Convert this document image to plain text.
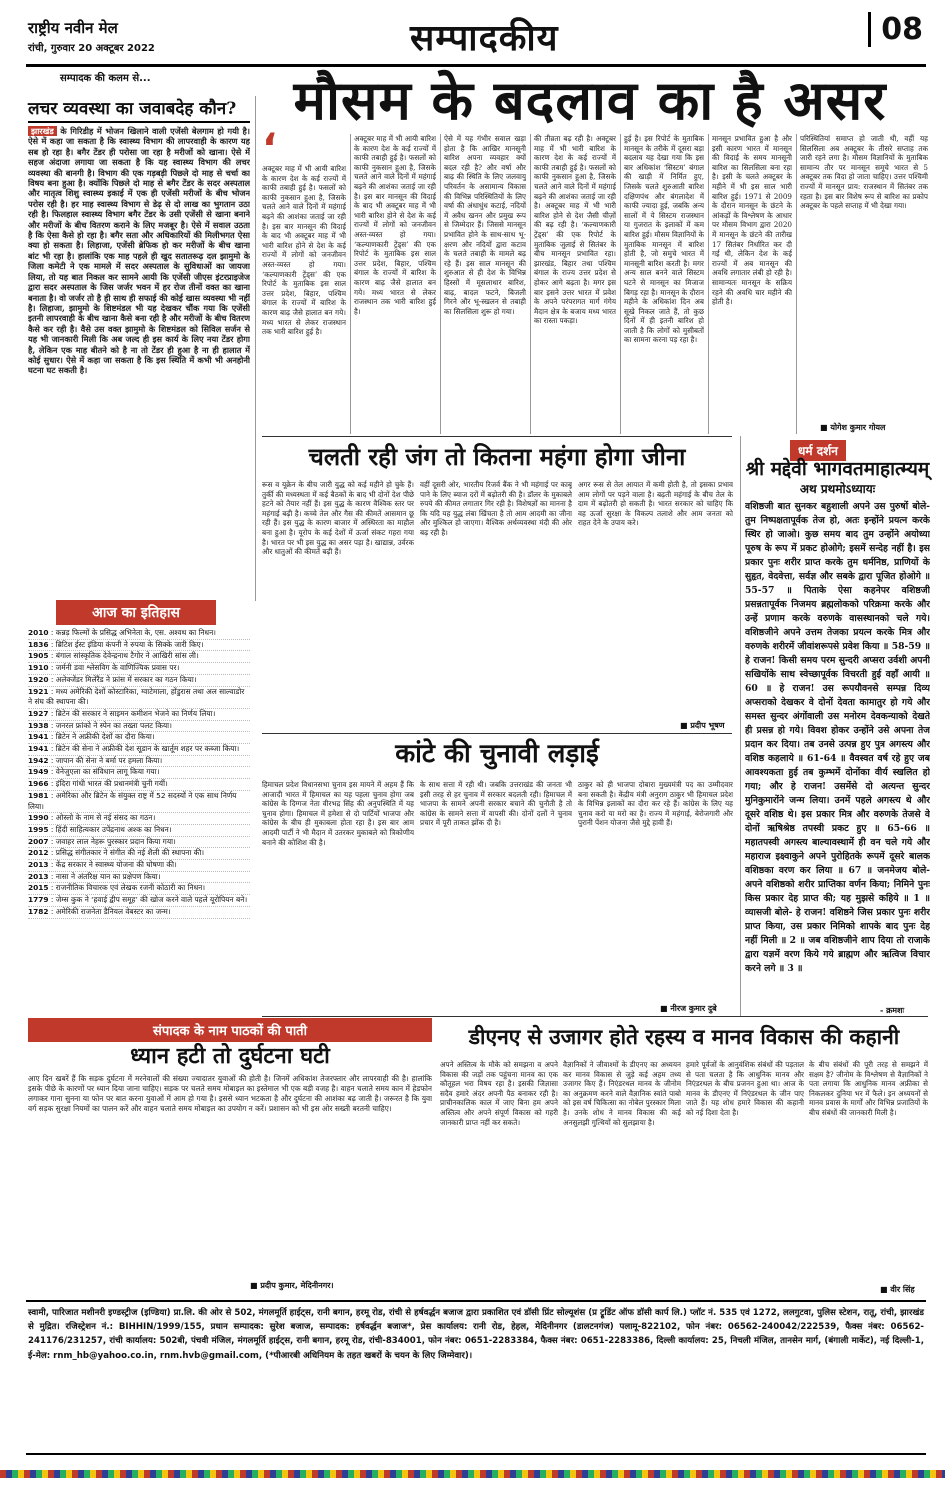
राष्ट्रीय नवीन मेल
रांची, गुरुवार 20 अक्टूबर 2022	सम्पादकीय	08
सम्पादक की कलम से...	मौसम के बदलाव का है असर
लचर व्यवस्था का जवाबदेह कौन?
झारखंड के गिरिडीह में भोजन खिलाने वाली एजेंसी बेलगाम हो गयी है। ऐसे में कहा जा सकता है कि स्वास्थ्य विभाग की लापरवाही के कारण यह सब हो रहा है। बगैर टेंडर ही परोसा जा रहा है मरीजों को खाना। ऐसे में सहज अंदाजा लगाया जा सकता है कि यह स्वास्थ्य विभाग की लचर व्यवस्था की बानगी है। विभाग की एक गड़बड़ी पिछले दो माह से चर्चा का विषय बना हुआ है। क्योंकि पिछले दो माह से बगैर टेंडर के सदर अस्पताल और मातृत्व शिशु स्वास्थ्य इकाई में एक ही एजेंसी मरीजों के बीच भोजन परोस रही है। हर माह स्वास्थ्य विभाग से डेढ़ से दो लाख का भुगतान उठा रही है। फिलहाल स्वास्थ्य विभाग बगैर टेंडर के उसी एजेंसी से खाना बनाने और मरीजों के बीच वितरण कराने के लिए मजबूर है। ऐसे में सवाल उठता है कि ऐसा कैसे हो रहा है। बगैर सता और अधिकारियों की मिलीभगत ऐसा क्या हो सकता है। लिहाजा, एजेंसी ब्रेफिक हो कर मरीजों के बीच खाना बांट भी रहा है। हालांकि एक माह पहले ही खुद सतातरूढ़ दल झामुमो के जिला कमेटी ने एक मामले में सदर अस्पताल के सुविधाओं का जायजा लिया, तो यह बात निकल कर सामने आयी कि एजेंसी जीएस इंटरप्राइजेज द्वारा सदर अस्पताल के जिस जर्जर भवन में हर रोज तीनों वक्त का खाना बनाता है। वो जर्जर तो है ही साथ ही सफाई की कोई खास व्यवस्था भी नहीं है। लिहाजा, झामुमो के शिष्टमंडल भी यह देखकर चौंक गया कि एजेंसी इतनी लापरवाही के बीच खाना कैसे बना रही है और मरीजों के बीच वितरण कैसे कर रही है। वैसे उस वक्त झामुमो के शिष्टमंडल को सिविल सर्जन से यह भी जानकारी मिली कि अब जल्द ही इस कार्य के लिए नया टेंडर होगा है, लेकिन एक माह बीतने को है ना तो टेंडर ही हुआ है ना ही हालात में कोई सुधार। ऐसे में कहा जा सकता है कि इस स्थिति में कभी भी अनहोनी घटना घट सकती है।
‘
अक्टूबर माह में भी आयी बारिश के कारण देश के कई राज्यों में काफी तबाही हुई है। फसलों को काफी नुकसान हुआ है, जिसके चलते आने वाले दिनों में महंगाई बढ़ने की आशंका जताई जा रही है। इस बार मानसून की विदाई के बाद भी अक्टूबर माह में भी भारी बारिश होने से देश के कई राज्यों में लोगों को जनजीवन अस्त-व्यस्त हो गया। ‘कल्याणकारी ट्रेंड्स’ की एक रिपोर्ट के मुताबिक इस साल उत्तर प्रदेश, बिहार, पश्चिम बंगाल के राज्यों में बारिश के कारण बाढ़ जैसे हालात बन गये। मध्य भारत से लेकर राजस्थान तक भारी बारिश हुई है।
अक्टूबर माह में भी आयी बारिश के कारण देश के कई राज्यों में काफी तबाही हुई है। फसलों को काफी नुकसान हुआ है, जिसके चलते आने वाले दिनों में महंगाई बढ़ने की आशंका जताई जा रही है। इस बार मानसून की विदाई के बाद भी अक्टूबर माह में भी भारी बारिश होने से देश के कई राज्यों में लोगों को जनजीवन अस्त-व्यस्त हो गया। ‘कल्याणकारी ट्रेंड्स’ की एक रिपोर्ट के मुताबिक इस साल उत्तर प्रदेश, बिहार, पश्चिम बंगाल के राज्यों में बारिश के कारण बाढ़ जैसे हालात बन गये। मध्य भारत से लेकर राजस्थान तक भारी बारिश हुई है।
ऐसे में यह गंभीर सवाल खड़ा होता है कि आखिर मानसूनी बारिश अपना व्यवहार क्यों बदल रही है? और वर्षा और बाढ़ की स्थिति के लिए जलवायु परिवर्तन के असामान्य विकास की विभिन्न परिस्थितियों के लिए वर्षा की अंधाधुंध कटाई, नदियों में अवैध खनन और प्रमुख रूप से जिम्मेदार हैं। जिससे मानसून प्रभावित होने के साथ-साथ भू-क्षरण और नदियों द्वारा कटाव के चलते तबाही के मामले बढ़ रहे हैं। इस साल मानसून की शुरुआत से ही देश के विभिन्न हिस्सों में मूसलाधार बारिश, बाढ़, बादल फटने, बिजली गिरने और भू-स्खलन से तबाही का सिलसिला शुरू हो गया।
की तीव्रता बढ़ रही है। अक्टूबर माह में भी भारी बारिश के कारण देश के कई राज्यों में काफी तबाही हुई है। फसलों को काफी नुकसान हुआ है, जिसके चलते आने वाले दिनों में महंगाई बढ़ने की आशंका जताई जा रही है। अक्टूबर माह में भी भारी बारिश होने से देश जैसी चीज़ों की बढ़ रही है। ‘कल्याणकारी ट्रेंड्स’ की एक रिपोर्ट के मुताबिक जुलाई से सितंबर के बीच मानसून प्रभावित रहा। झारखंड, बिहार तथा पश्चिम बंगाल के राज्य उत्तर प्रदेश से होकर आगे बढ़ता है। मगर इस बार इसने उत्तर भारत में प्रवेश के अपने परंपरागत मार्ग गंगेय मैदान क्षेत्र के बजाय मध्य भारत का रास्ता पकड़ा।
हुई है। इस रिपोर्ट के मुताबिक मानसून के तरीके में दूसरा बड़ा बदलाव यह देखा गया कि इस बार अधिकांश ‘सिस्टम’ बंगाल की खाड़ी में निर्मित हुए, जिसके चलते शुरुआती बारिश दक्षिणपंथ और बंगलादेश में काफी ज्यादा हुई, जबकि अन्य सालों में ये सिस्टम राजस्थान या गुजरात के इलाकों में कम बारिश हुई। मौसम विज्ञानियों के मुताबिक मानसून में बारिश होती है, जो समुचे भारत में मानसूनी बारिश करती है। मगर अन्य साल बनने वाले सिस्टम घटने से मानसून का मिजाज बिगड़ रहा है। मानसून के दौरान महीने के अधिकांश दिन अब सूखे निकल जाते हैं, तो कुछ दिनों में ही इतनी बारिश हो जाती है कि लोगों को मुसीबतों का सामना करना पड़ रहा है।
मानसून प्रभावित हुआ है और इसी कारण भारत में मानसून की विदाई के समय मानसूनी बारिश का सिलसिला बना रहा है। इसी के चलते अक्टूबर के महीने में भी इस साल भारी बारिश हुई। 1971 से 2009 के दौरान मानसून के छंटने के आंकड़ों के विश्लेषण के आधार पर मौसम विभाग द्वारा 2020 में मानसून के छंटने की तारीख 17 सितंबर निर्धारित कर दी गई थी, लेकिन देश के कई राज्यों में अब मानसून की अवधि लगातार लंबी हो रही है। सामान्यतः मानसून के सक्रिय रहने की अवधि चार महीने की होती है।
परिस्थितियां समाप्त हो जाती थी, वहीं यह सिलसिला अब अक्टूबर के तीसरे सप्ताह तक जारी रहने लगा है। मौसम विज्ञानियों के मुताबिक सामान्य तौर पर मानसून समूचे भारत से 5 अक्टूबर तक विदा हो जाता चाहिए। उत्तर पश्चिमी राज्यों में मानसून प्राय: राजस्थान में सितंबर तक रहता है। इस बार विशेष रूप से बारिश का प्रकोप अक्टूबर के पहले सप्ताह में भी देखा गया।
■ योगेश कुमार गोयल
चलती रही जंग तो कितना महंगा होगा जीना
रूस व यूक्रेन के बीच जारी युद्ध को कई महीने हो चुके हैं। तुर्की की मध्यस्थता में कई बैठकों के बाद भी दोनों देश पीछे हटने को तैयार नहीं हैं। इस युद्ध के कारण वैश्विक स्तर पर महंगाई बढ़ी है। कच्चे तेल और गैस की कीमतें आसमान छू रही हैं। इस युद्ध के कारण बाजार में अस्थिरता का माहौल बना हुआ है। यूरोप के कई देशों में ऊर्जा संकट गहरा गया है। भारत पर भी इस युद्ध का असर पड़ा है। खाद्यान्न, उर्वरक और धातुओं की कीमतें बढ़ी हैं।
वहीं दूसरी ओर, भारतीय रिजर्व बैंक ने भी महंगाई पर काबू पाने के लिए ब्याज दरों में बढ़ोतरी की है। डॉलर के मुकाबले रुपये की कीमत लगातार गिर रही है। विशेषज्ञों का मानना है कि यदि यह युद्ध लंबा खिंचता है तो आम आदमी का जीना और मुश्किल हो जाएगा। वैश्विक अर्थव्यवस्था मंदी की ओर बढ़ रही है।
अगर रूस से तेल आयात में कमी होती है, तो इसका प्रभाव आम लोगों पर पड़ने वाला है। बढ़ती महंगाई के बीच तेल के दाम में बढ़ोतरी हो सकती है। भारत सरकार को चाहिए कि वह ऊर्जा सुरक्षा के विकल्प तलाशे और आम जनता को राहत देने के उपाय करे।
■ प्रदीप भूषण
कांटे की चुनावी लड़ाई
हिमाचल प्रदेश विधानसभा चुनाव इस मायने में अहम हैं कि आजादी भारत में हिमाचल का यह पहला चुनाव होगा जब कांग्रेस के दिग्गज नेता वीरभद्र सिंह की अनुपस्थिति में यह चुनाव होगा। हिमाचल में हमेशा से दो पार्टियों भाजपा और कांग्रेस के बीच ही मुकाबला होता रहा है। इस बार आम आदमी पार्टी ने भी मैदान में उतरकर मुकाबले को त्रिकोणीय बनाने की कोशिश की है।
के साथ सत्ता में रही थी। जबकि उत्तराखंड की जनता भी इसी तरह से हर चुनाव में सरकार बदलती रही। हिमाचल में भाजपा के सामने अपनी सरकार बचाने की चुनौती है तो कांग्रेस के सामने सत्ता में वापसी की। दोनों दलों ने चुनाव प्रचार में पूरी ताकत झोंक दी है।
ठाकुर को ही भाजपा दोबारा मुख्यमंत्री पद का उम्मीदवार बना सकती है। केंद्रीय मंत्री अनुराग ठाकुर भी हिमाचल प्रदेश के विभिन्न इलाकों का दौरा कर रहे हैं। कांग्रेस के लिए यह चुनाव करो या मरो का है। राज्य में महंगाई, बेरोजगारी और पुरानी पेंशन योजना जैसे मुद्दे हावी हैं।
■ नीरज कुमार दुबे
धर्म दर्शन
श्री मद्देवी भागवतमाहात्म्यम्
अथ प्रथमोऽध्यायः
वशिष्ठजी बात सुनकर बहुशाली अपने उस पुरुषों बोले- तुम निष्पक्षतापूर्वक तेज हो, अतः इन्होंने प्रयत्न करके स्थिर हो जाओ। कुछ समय बाद तुम उन्होंने अयोध्या पूरुष के रूप में प्रकट होओगे; इसमें सन्देह नहीं है। इस प्रकार पुनः शरीर प्राप्त करके तुम धर्मनिष्ठ, प्राणियों के सुहृत, वेदवेत्ता, सर्वज्ञ और सबके द्वारा पूजित होओगे ॥ 55-57 ॥ पिताके ऐसा कहनेपर वशिष्ठजी प्रसन्नतापूर्वक निजमय ब्रह्मलोकको परिक्रमा करके और उन्हें प्रणाम करके वरुणके वासस्थानको चले गये। वशिष्ठजीने अपने उत्तम तेजका प्रयत्न करके मित्र और वरुणके शरीरमें जीवांशरूपसे प्रवेश किया ॥ 58-59 ॥ हे राजन! किसी समय परम सुन्दरी अप्सरा उर्वशी अपनी सखियोंके साथ स्वेच्छापूर्वक विचरती हुई वहाँ आयी ॥ 60 ॥ हे राजन! उस रूपयौवनसे सम्पन्न दिव्य अप्सराको देखकर वे दोनों देवता कामातुर हो गये और समस्त सुन्दर अंगोंवाली उस मनोरम देवकन्याको देखते ही प्रसन्न हो गये। विवश होकर उन्होंने उसे अपना तेज प्रदान कर दिया। तब उनसे उत्पन्न हुए पुत्र अगस्त्य और वशिष्ठ कहलाये ॥ 61-64 ॥ वैवस्वत वर्ष रहे हुए जब आवश्यकता हुई तब कुम्भमें दोनोंका वीर्य स्खलित हो गया; और हे राजन! उसमेंसे दो अत्यन्त सुन्दर मुनिकुमारोंने जन्म लिया। उनमें पहले अगस्त्य थे और दूसरे वशिष्ठ थे। इस प्रकार मित्र और वरुणके तेजसे वे दोनों ऋषिश्रेष्ठ तपस्वी प्रकट हुए ॥ 65-66 ॥ महातपस्वी अगस्त्य बाल्यावस्थामें ही वन चले गये और महाराज इक्ष्वाकुने अपने पुरोहितके रूपमें दूसरे बालक वशिष्ठका वरण कर लिया ॥ 67 ॥ जनमेजय बोले- अपने वशिष्ठको शरीर प्राप्तिका वर्णन किया; निमिने पुनः किस प्रकार देह प्राप्त की; यह मुझसे कहिये ॥ 1 ॥ व्यासजी बोले- हे राजन! वशिष्ठने जिस प्रकार पुनः शरीर प्राप्त किया, उस प्रकार निमिको शापके बाद पुनः देह नहीं मिली ॥ 2 ॥ जब वशिष्ठजीने शाप दिया तो राजाके द्वारा यज्ञमें वरण किये गये ब्राह्मण और ऋत्विज विचार करने लगे ॥ 3 ॥
- क्रमशः
आज का इतिहास
2010 : कन्नड़ फिल्मों के प्रसिद्ध अभिनेता के, एस. अश्वथ का निधन।
1836 : ब्रिटिश ईस्ट इंडिया कंपनी ने रुपया के सिक्के जारी किए।
1905 : बंगाल सांस्कृतिक देवेन्द्रनाथ टैगोर ने आखिरी सांस ली।
1910 : जर्मनी डवा श्लेसविग के वाणिज्यिक प्रवास पर।
1920 : अलेक्जेंडर मिलेरैंड ने फ्रांस में सरकार का गठन किया।
1921 : मध्य अमेरिकी देशों कोस्टारिका, ग्वाटेमाला, होंडुरास तथा अल साल्वाडोर ने संघ की स्थापना की।
1927 : ब्रिटेन की सरकार ने साइमन कमीशन भेजने का निर्णय लिया।
1938 : जनरल फ्रांको ने स्पेन का तख्ता पलट किया।
1941 : ब्रिटेन ने अफ्रीकी देशों का दौरा किया।
1941 : ब्रिटेन की सेना ने अफ्रीकी देश सूडान के खार्तूम शहर पर कब्जा किया।
1942 : जापान की सेना ने बर्मा पर हमला किया।
1949 : वेनेजुएला का संविधान लागू किया गया।
1966 : इंदिरा गांधी भारत की प्रधानमंत्री चुनी गयीं।
1981 : अमेरिका और ब्रिटेन के संयुक्त राष्ट्र में 52 सदस्यों ने एक साथ निर्णय लिया।
1990 : ओस्लो के नाम से नई संसद का गठन।
1995 : हिंदी साहित्यकार उपेंद्रनाथ अश्क का निधन।
2007 : जवाहर लाल नेहरू पुरस्कार प्रदान किया गया।
2012 : प्रसिद्ध संगीतकार ने संगीत की नई शैली की स्थापना की।
2013 : केंद्र सरकार ने स्वास्थ्य योजना की घोषणा की।
2013 : नासा ने अंतरिक्ष यान का प्रक्षेपण किया।
2015 : राजनीतिक विचारक एवं लेखक रजनी कोठारी का निधन।
1779 : जेम्स कुक ने ‘हवाई द्वीप समूह’ की खोज करने वाले पहले यूरोपियन बने।
1782 : अमेरिकी राजनेता डैनियल वेबस्टर का जन्म।
डीएनए से उजागर होते रहस्य व मानव विकास की कहानी
अपने अस्तित्व के मौके को समझना व अपने विकास की जड़ों तक पहुंचना मानव का एक कौतूहल भरा विषय रहा है। इसकी जिज्ञासा सदैव हमारे अंदर अपनी पैठ बनाकर रही है। प्राचीनकालिक काल में जाए बिना हम अपने अस्तित्व और अपने संपूर्ण विकास को गहरी जानकारी प्राप्त नहीं कर सकते।
वैज्ञानिकों ने जीवाश्मों के डीएनए का अध्ययन कर मानव विकास से जुड़े कई अहम तथ्य उजागर किए हैं। निएंडरथल मानव के जीनोम का अनुक्रमण करने वाले वैज्ञानिक स्वांते पाबो को इस वर्ष चिकित्सा का नोबेल पुरस्कार मिला है। उनके शोध ने मानव विकास की कई अनसुलझी गुत्थियों को सुलझाया है।
हमारे पूर्वजों के आनुवंशिक संबंधों की पड़ताल से पता चलता है कि आधुनिक मानव और निएंडरथल के बीच प्रजनन हुआ था। आज के मानव के डीएनए में निएंडरथल के जीन पाए जाते हैं। यह शोध हमारे विकास की कहानी को नई दिशा देता है।
के बीच संबंधों की पूरी तरह से समझने में सक्षम है? जीनोम के विश्लेषण से वैज्ञानिकों ने पता लगाया कि आधुनिक मानव अफ्रीका से निकलकर दुनिया भर में फैले। इन अध्ययनों से मानव प्रवास के मार्गों और विभिन्न प्रजातियों के बीच संबंधों की जानकारी मिली है।
■ वीर सिंह
संपादक के नाम पाठकों की पाती
ध्यान हटी तो दुर्घटना घटी
आए दिन खबरें हैं कि सड़क दुर्घटना में मरनेवालों की संख्या ज्यादातर युवाओं की होती है। जिनमें अधिकांश तेजरफ्तार और लापरवाही की है। हालांकि इसके पीछे के कारणों पर ध्यान दिया जाना चाहिए। सड़क पर चलते समय मोबाइल का इस्तेमाल भी एक बड़ी वजह है। वाहन चलाते समय कान में हेडफोन लगाकर गाना सुनना या फोन पर बात करना युवाओं में आम हो गया है। इससे ध्यान भटकता है और दुर्घटना की आशंका बढ़ जाती है। जरूरत है कि युवा वर्ग सड़क सुरक्षा नियमों का पालन करें और वाहन चलाते समय मोबाइल का उपयोग न करें। प्रशासन को भी इस ओर सख्ती बरतनी चाहिए।
■ प्रदीप कुमार, मेदिनीनगर।

स्वामी, पारिजात मशीनरी इण्डस्ट्रीज (इण्डिया) प्रा.लि. की ओर से 502, मंगलमूर्ति हाईट्स, रानी बगान, हरमू रोड, रांची से हर्षवर्द्धन बजाज द्वारा प्रकाशित एवं डॉसी प्रिंट सोल्यूशंस (प्र ट्रूडिंट ऑफ डॉसी कार्प लि.) प्लॉट नं. 535 एवं 1272, ललगुटवा, पुलिस स्टेशन, रातू, रांची, झारखंड से मुद्रित। रजिस्ट्रेशन नं.: BIHHIN/1999/155, प्रधान सम्पादक: सुरेश बजाज, सम्पादक: हर्षवर्द्धन बजाज*, प्रेस कार्यालय: रानी रोड, हेहल, मेदिनीनगर (डालटनगंज) पलामू-822102, फोन नंबर: 06562-240042/222539, फैक्स नंबर: 06562-241176/231257, रांची कार्यालय: 502बी, पंचवी मंजिल, मंगलमूर्ति हाईट्स, रानी बगान, हरमू रोड, रांची-834001, फोन नंबर: 0651-2283384, फैक्स नंबर: 0651-2283386, दिल्ली कार्यालय: 25, निचली मंजिल, तानसेन मार्ग, (बंगाली मार्केट), नई दिल्ली-1, ई-मेल: rnm_hb@yahoo.co.in, rnm.hvb@gmail.com, (*पीआरबी अधिनियम के तहत खबरों के चयन के लिए जिम्मेवार)।
